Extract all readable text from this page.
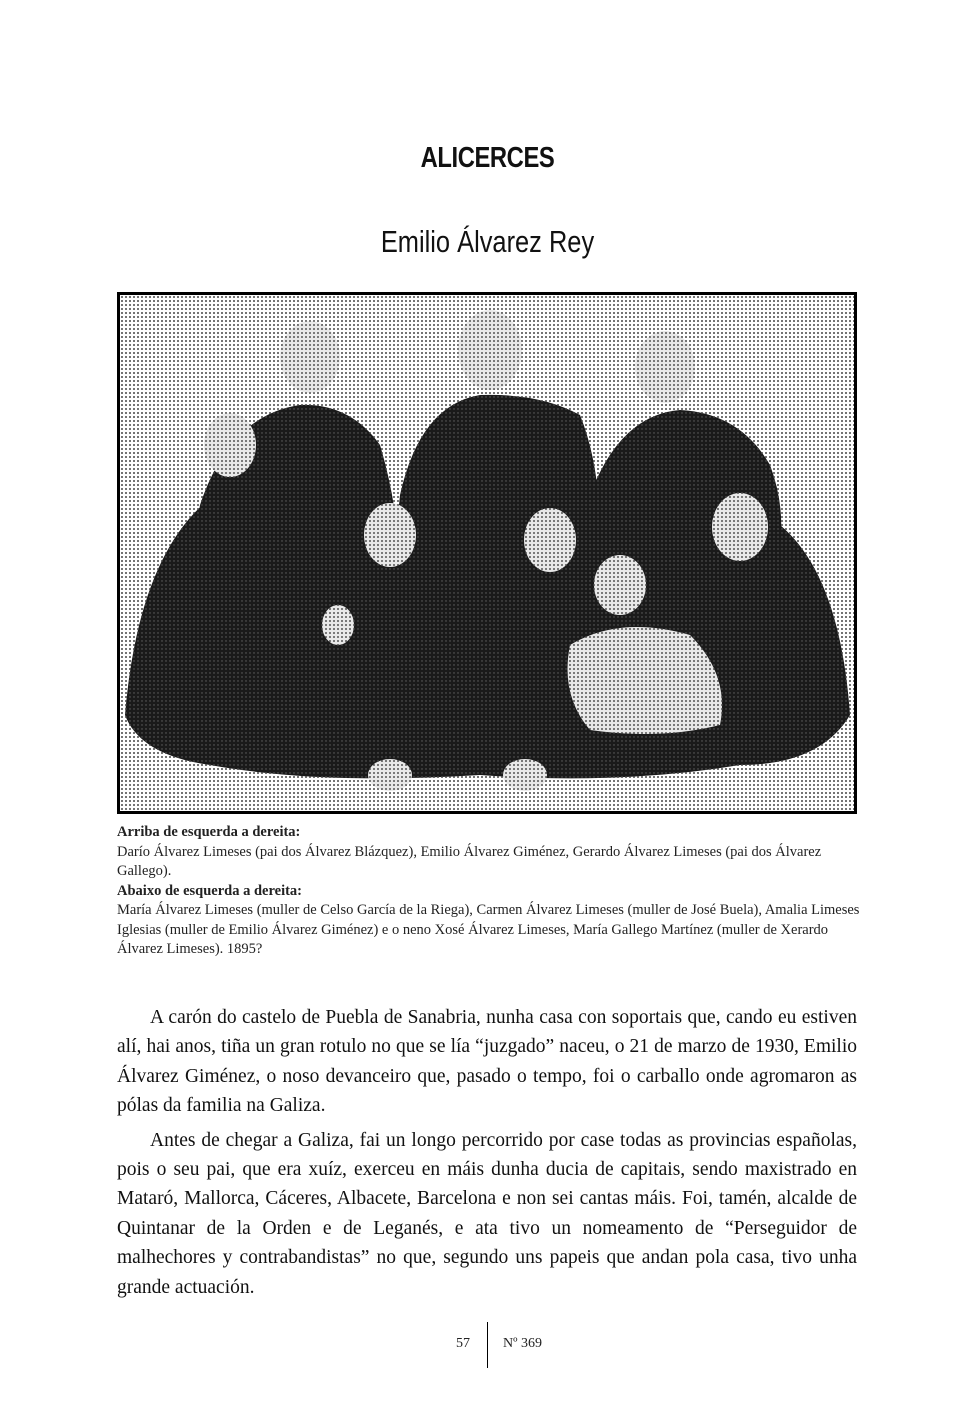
ALICERCES
Emilio Álvarez Rey
Arriba de esquerda a dereita:
Darío Álvarez Limeses (pai dos Álvarez Blázquez), Emilio Álvarez Giménez, Gerardo Álvarez Limeses (pai dos Álvarez Gallego).
Abaixo de esquerda a dereita:
María Álvarez Limeses (muller de Celso García de la Riega), Carmen Álvarez Limeses (muller de José Buela), Amalia Limeses Iglesias (muller de Emilio Álvarez Giménez) e o neno Xosé Álvarez Limeses, María Gallego Martínez (muller de Xerardo Álvarez Limeses). 1895?

A carón do castelo de Puebla de Sanabria, nunha casa con soportais que, cando eu estiven alí, hai anos, tiña un gran rotulo no que se lía “juzgado” naceu, o 21 de marzo de 1930, Emilio Álvarez Giménez, o noso devanceiro que, pasado o tempo, foi o carballo onde agromaron as pólas da familia na Galiza.

Antes de chegar a Galiza, fai un longo percorrido por case todas as provincias españolas, pois o seu pai, que era xuíz, exerceu en máis dunha ducia de capitais, sendo maxistrado en Mataró, Mallorca, Cáceres, Albacete, Barcelona e non sei cantas máis. Foi, tamén, alcalde de Quintanar de la Orden e de Leganés, e ata tivo un nomeamento de “Perseguidor de malhechores y contrabandistas” no que, segundo uns papeis que andan pola casa, tivo unha grande actuación.

57 Nº 369
